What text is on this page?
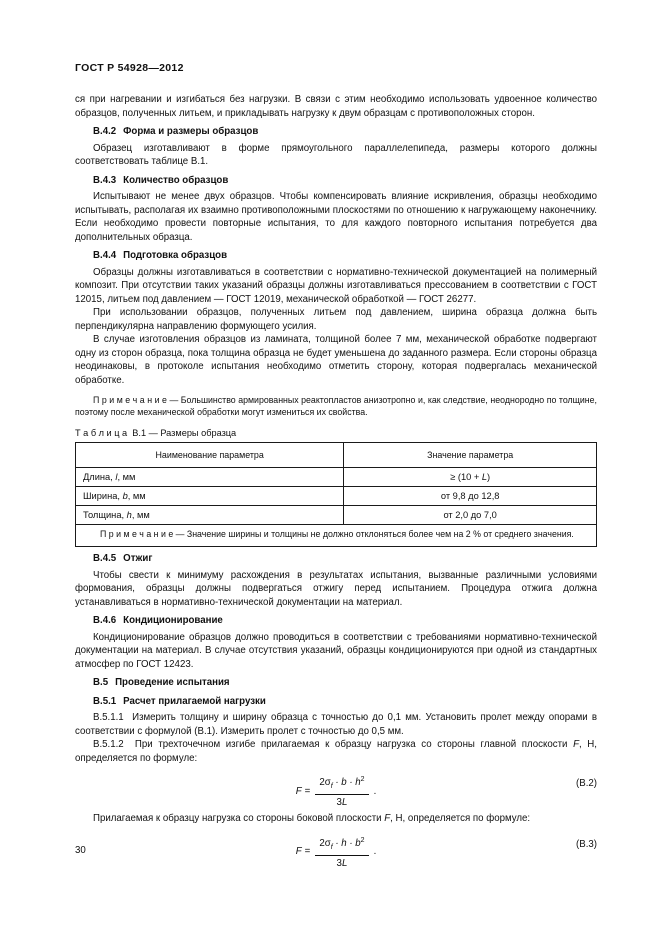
ГОСТ Р 54928—2012

ся при нагревании и изгибаться без нагрузки. В связи с этим необходимо использовать удвоенное количество образцов, полученных литьем, и прикладывать нагрузку к двум образцам с противоположных сторон.

В.4.2 Форма и размеры образцов

Образец изготавливают в форме прямоугольного параллелепипеда, размеры которого должны соответствовать таблице В.1.

В.4.3 Количество образцов

Испытывают не менее двух образцов. Чтобы компенсировать влияние искривления, образцы необходимо испытывать, располагая их взаимно противоположными плоскостями по отношению к нагружающему наконечнику. Если необходимо провести повторные испытания, то для каждого повторного испытания потребуется два дополнительных образца.

В.4.4 Подготовка образцов

Образцы должны изготавливаться в соответствии с нормативно-технической документацией на полимерный композит. При отсутствии таких указаний образцы должны изготавливаться прессованием в соответствии с ГОСТ 12015, литьем под давлением — ГОСТ 12019, механической обработкой — ГОСТ 26277.

При использовании образцов, полученных литьем под давлением, ширина образца должна быть перпендикулярна направлению формующего усилия.

В случае изготовления образцов из ламината, толщиной более 7 мм, механической обработке подвергают одну из сторон образца, пока толщина образца не будет уменьшена до заданного размера. Если стороны образца неодинаковы, в протоколе испытания необходимо отметить сторону, которая подвергалась механической обработке.

П р и м е ч а н и е — Большинство армированных реактопластов анизотропно и, как следствие, неоднородно по толщине, поэтому после механической обработки могут измениться их свойства.

Т а б л и ц а  В.1 — Размеры образца
Наименование параметра	Значение параметра
Длина, l, мм	≥ (10 + L)
Ширина, b, мм	от 9,8 до 12,8
Толщина, h, мм	от 2,0 до 7,0

П р и м е ч а н и е — Значение ширины и толщины не должно отклоняться более чем на 2 % от среднего значения.	

В.4.5 Отжиг

Чтобы свести к минимуму расхождения в результатах испытания, вызванные различными условиями формования, образцы должны подвергаться отжигу перед испытанием. Процедура отжига должна устанавливаться в нормативно-технической документации на материал.

В.4.6 Кондиционирование

Кондиционирование образцов должно проводиться в соответствии с требованиями нормативно-технической документации на материал. В случае отсутствия указаний, образцы кондиционируются при одной из стандартных атмосфер по ГОСТ 12423.

В.5 Проведение испытания

В.5.1 Расчет прилагаемой нагрузки

В.5.1.1  Измерить толщину и ширину образца с точностью до 0,1 мм. Установить пролет между опорами в соответствии с формулой (В.1). Измерить пролет с точностью до 0,5 мм.

В.5.1.2  При трехточечном изгибе прилагаемая к образцу нагрузка со стороны главной плоскости F, Н, определяется по формуле:

$F = \frac{2\sigma_f \cdot b \cdot h^2}{3L}$ .
(В.2)

Прилагаемая к образцу нагрузка со стороны боковой плоскости F, Н, определяется по формуле:

$F = \frac{2\sigma_f \cdot h \cdot b^2}{3L}$ .
(В.3)
30
